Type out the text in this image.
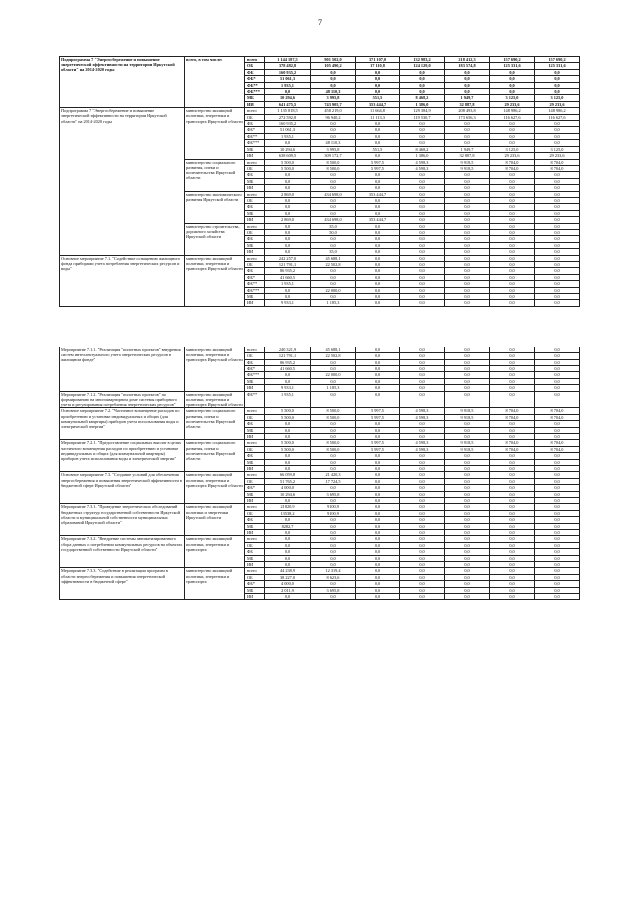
7
Подпрограмма 7 "Энергосбережение и повышение энергетической эффективности на территории Иркутской области" на 2014-2020 годы	всего, в том числе:	всего	1 144 187,5	901 502,0	371 107,0	132 983,2	218 412,3	157 690,2	157 690,2
		ОБ	378 482,8	105 490,2	17 110,8	124 129,0	183 574,8	125 331,6	125 331,6
		ФБ	160 935,2	0,0	0,0	0,0	0,0	0,0	0,0
		ФБ*	51 061,3	0,0	0,0	0,0	0,0	0,0	0,0
		ФБ**	1 935,1	0,0	0,0	0,0	0,0	0,0	0,0
		ФБ***	0,0	48 110,3	0,0	0,0	0,0	0,0	0,0
		МБ	10 294,6	3 995,8	551,5	8 468,2	1 949,7	3 125,0	3 125,0
		ИИ	641 475,5	743 905,7	353 444,7	1 386,0	32 887,8	29 233,6	29 233,6
Подпрограмма 7 "Энергосбережение и повышение энергетической эффективности на территории Иркутской области" на 2014-2020 годы	министерство жилищной политики, энергетики и транспорта Иркутской области	всего	1 135 818,5	458 219,0	11 664,8	129 384,9	208 493,8	148 986,2	148 986,2
		ОБ	272 592,8	96 940,2	11 113,3	119 530,7	173 656,3	116 627,6	116 627,6
		ФБ	160 935,2	0,0	0,0	0,0	0,0	0,0	0,0
		ФБ*	51 061,3	0,0	0,0	0,0	0,0	0,0	0,0
		ФБ**	1 935,1	0,0	0,0	0,0	0,0	0,0	0,0
		ФБ***	0,0	48 110,3	0,0	0,0	0,0	0,0	0,0
		МБ	10 294,6	3 995,8	551,5	8 468,2	1 949,7	3 125,0	3 125,0
		ИИ	638 609,5	309 172,7	0,0	1 386,0	32 887,8	29 233,6	29 233,6
	министерство социального развития, опеки и попечительства Иркутской области	всего	5 500,0	8 500,0	5 997,5	4 598,3	9 918,5	8 704,0	8 704,0
		ОБ	5 500,0	8 500,0	5 997,5	4 598,3	9 918,5	8 704,0	8 704,0
		ФБ	0,0	0,0	0,0	0,0	0,0	0,0	0,0
		МБ	0,0	0,0	0,0	0,0	0,0	0,0	0,0
		ИИ	0,0	0,0	0,0	0,0	0,0	0,0	0,0
	министерство экономического развития Иркутской области	всего	2 869,0	434 698,0	353 444,7	0,0	0,0	0,0	0,0
		ОБ	0,0	0,0	0,0	0,0	0,0	0,0	0,0
		ФБ	0,0	0,0	0,0	0,0	0,0	0,0	0,0
		МБ	0,0	0,0	0,0	0,0	0,0	0,0	0,0
		ИИ	2 869,0	434 698,0	353 444,7	0,0	0,0	0,0	0,0
	министерство строительства, дорожного хозяйства Иркутской области	всего	0,0	35,0	0,0	0,0	0,0	0,0	0,0
		ОБ	0,0	50,0	0,0	0,0	0,0	0,0	0,0
		ФБ	0,0	0,0	0,0	0,0	0,0	0,0	0,0
		МБ	0,0	0,0	0,0	0,0	0,0	0,0	0,0
		ИИ	0,0	35,0	0,0	0,0	0,0	0,0	0,0
Основное мероприятие 7.1. "Содействие оснащению жилищного фонда приборами учета потребления энергетических ресурсов и воды"	министерство жилищной политики, энергетики и транспорта Иркутской области	всего	242 257,0	45 688,1	0,0	0,0	0,0	0,0	0,0
		ОБ	121 791,1	22 502,8	0,0	0,0	0,0	0,0	0,0
		ФБ	86 935,2	0,0	0,0	0,0	0,0	0,0	0,0
		ФБ*	41 660,5	0,0	0,0	0,0	0,0	0,0	0,0
		ФБ**	1 935,1	0,0	0,0	0,0	0,0	0,0	0,0
		ФБ***	0,0	22 000,0	0,0	0,0	0,0	0,0	0,0
		МБ	0,0	0,0	0,0	0,0	0,0	0,0	0,0
		ИИ	9 933,1	1 185,3	0,0	0,0	0,0	0,0	0,0

Мероприятие 7.1.1. "Реализация "пилотных проектов" внедрения систем интеллектуального учета энергетических ресурсов в жилищном фонде"	министерство жилищной политики, энергетики и транспорта Иркутской области	всего	240 321,9	45 688,1	0,0	0,0	0,0	0,0	0,0
		ОБ	121 791,1	22 502,8	0,0	0,0	0,0	0,0	0,0
		ФБ	86 935,2	0,0	0,0	0,0	0,0	0,0	0,0
		ФБ*	41 660,5	0,0	0,0	0,0	0,0	0,0	0,0
		ФБ***	0,0	22 000,0	0,0	0,0	0,0	0,0	0,0
		МБ	0,0	0,0	0,0	0,0	0,0	0,0	0,0
		ИИ	9 933,1	1 185,3	0,0	0,0	0,0	0,0	0,0
Мероприятие 7.1.2. "Реализация "пилотных проектов" по формированию на многоквартирном доме системы приборного учета и регулирования потребления энергетических ресурсов"	министерство жилищной политики, энергетики и транспорта Иркутской области	ФБ**	1 935,1	0,0	0,0	0,0	0,0	0,0	0,0
Основное мероприятие 7.2. "Частичное возмещение расходов по приобретению и установке индивидуальных и общих (для коммунальной квартиры) приборов учета использования воды и электрической энергии"	министерство социального развития, опеки и попечительства Иркутской области	всего	5 500,0	8 500,0	5 997,5	4 598,3	9 918,5	8 704,0	8 704,0
		ОБ	5 500,0	8 500,0	5 997,5	4 598,3	9 918,5	8 704,0	8 704,0
		ФБ	0,0	0,0	0,0	0,0	0,0	0,0	0,0
		МБ	0,0	0,0	0,0	0,0	0,0	0,0	0,0
		ИИ	0,0	0,0	0,0	0,0	0,0	0,0	0,0
Мероприятие 7.2.1. "Предоставление социальных выплат в целях частичного возмещения расходов по приобретению и установке индивидуальных и общих (для коммунальной квартиры) приборов учета использования воды и электрической энергии"	министерство социального развития, опеки и попечительства Иркутской области	всего	5 500,0	8 500,0	5 997,5	4 598,3	9 918,5	8 704,0	8 704,0
		ОБ	5 500,0	8 500,0	5 997,5	4 598,3	9 918,5	8 704,0	8 704,0
		ФБ	0,0	0,0	0,0	0,0	0,0	0,0	0,0
		МБ	0,0	0,0	0,0	0,0	0,0	0,0	0,0
		ИИ	0,0	0,0	0,0	0,0	0,0	0,0	0,0
Основное мероприятие 7.3. "Создание условий для обеспечения энергосбережения и повышения энергетической эффективности в бюджетной сфере Иркутской области"	министерство жилищной политики, энергетики и транспорта Иркутской области	всего	66 059,8	21 420,3	0,0	0,0	0,0	0,0	0,0
		ОБ	51 765,2	17 724,5	0,0	0,0	0,0	0,0	0,0
		ФБ*	4 000,0	0,0	0,0	0,0	0,0	0,0	0,0
		МБ	10 294,6	3 695,8	0,0	0,0	0,0	0,0	0,0
		ИИ	0,0	0,0	0,0	0,0	0,0	0,0	0,0
Мероприятие 7.3.1. "Проведение энергетических обследований бюджетных структур государственной собственности Иркутской области и муниципальной собственности муниципальных образований Иркутской области"	министерство жилищной политики и энергетики Иркутской области	всего	21820,9	9100,9	0,0	0,0	0,0	0,0	0,0
		ОБ	13538,2	9100,9	0,0	0,0	0,0	0,0	0,0
		ФБ	0,0	0,0	0,0	0,0	0,0	0,0	0,0
		МБ	8282,7	0,0	0,0	0,0	0,0	0,0	0,0
		ИИ	0,0	0,0	0,0	0,0	0,0	0,0	0,0
Мероприятие 7.3.2. "Внедрение системы автоматизированного сбора данных о потреблении коммунальных ресурсов на объектах государственной собственности Иркутской области"	министерство жилищной политики, энергетики и транспорта	всего	0,0	0,0	0,0	0,0	0,0	0,0	0,0
		ОБ	0,0	0,0	0,0	0,0	0,0	0,0	0,0
		ФБ	0,0	0,0	0,0	0,0	0,0	0,0	0,0
		МБ	0,0	0,0	0,0	0,0	0,0	0,0	0,0
		ИИ	0,0	0,0	0,0	0,0	0,0	0,0	0,0
Мероприятие 7.3.3. "Содействие в реализации программ в области энергосбережения и повышения энергетической эффективности в бюджетной сфере"	министерство жилищной политики, энергетики и транспорта	всего	44 238,9	12 319,4	0,0	0,0	0,0	0,0	0,0
		ОБ	38 227,0	8 623,6	0,0	0,0	0,0	0,0	0,0
		ФБ*	4 000,0	0,0	0,0	0,0	0,0	0,0	0,0
		МБ	2 011,9	3 695,8	0,0	0,0	0,0	0,0	0,0
		ИИ	0,0	0,0	0,0	0,0	0,0	0,0	0,0
